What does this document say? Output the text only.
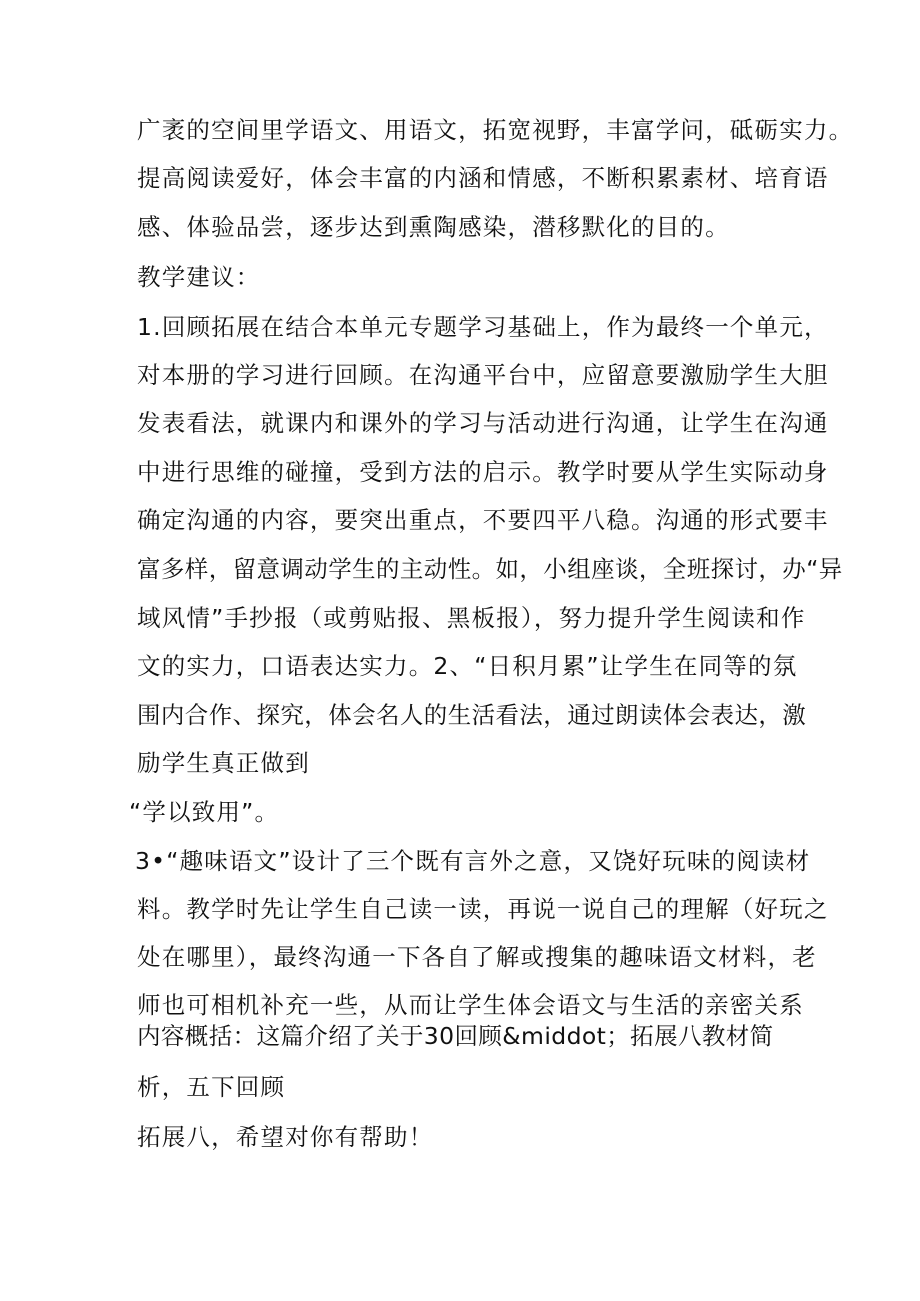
广袤的空间里学语文、用语文，拓宽视野，丰富学问，砥砺实力。
提高阅读爱好，体会丰富的内涵和情感，不断积累素材、培育语
感、体验品尝，逐步达到熏陶感染，潜移默化的目的。
教学建议：
1.回顾拓展在结合本单元专题学习基础上，作为最终一个单元，
对本册的学习进行回顾。在沟通平台中，应留意要激励学生大胆
发表看法，就课内和课外的学习与活动进行沟通，让学生在沟通
中进行思维的碰撞，受到方法的启示。教学时要从学生实际动身
确定沟通的内容，要突出重点，不要四平八稳。沟通的形式要丰
富多样，留意调动学生的主动性。如，小组座谈，全班探讨，办“异
域风情”手抄报（或剪贴报、黑板报），努力提升学生阅读和作
文的实力，口语表达实力。2、“日积月累”让学生在同等的氛
围内合作、探究，体会名人的生活看法，通过朗读体会表达，激
励学生真正做到
“学以致用”。
3•“趣味语文”设计了三个既有言外之意，又饶好玩味的阅读材
料。教学时先让学生自己读一读，再说一说自己的理解（好玩之
处在哪里），最终沟通一下各自了解或搜集的趣味语文材料，老
师也可相机补充一些，从而让学生体会语文与生活的亲密关系
内容概括：这篇介绍了关于30回顾&middot；拓展八教材简
析，五下回顾
拓展八，希望对你有帮助！
